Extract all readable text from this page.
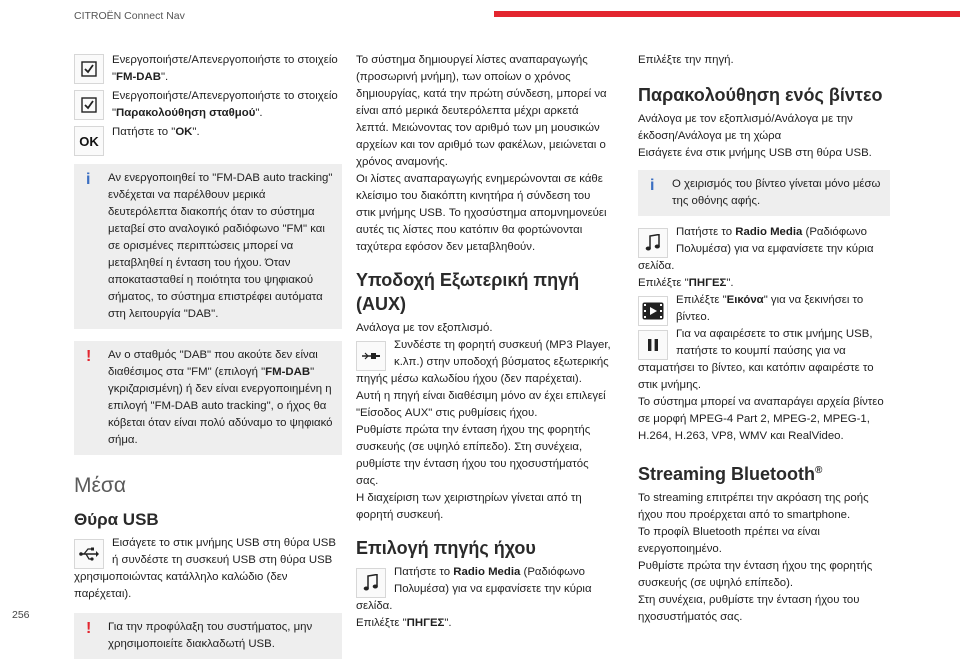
CITROËN Connect Nav
256

Ενεργοποιήστε/Απενεργοποιήστε το στοιχείο "FM-DAB".

Ενεργοποιήστε/Απενεργοποιήστε το στοιχείο "Παρακολούθηση σταθμού".

OK

Πατήστε το "OK".

i Αν ενεργοποιηθεί το "FM-DAB auto tracking" ενδέχεται να παρέλθουν μερικά δευτερόλεπτα διακοπής όταν το σύστημα μεταβεί στο αναλογικό ραδιόφωνο "FM" και σε ορισμένες περιπτώσεις μπορεί να μεταβληθεί η ένταση του ήχου. Όταν αποκατασταθεί η ποιότητα του ψηφιακού σήματος, το σύστημα επιστρέφει αυτόματα στη λειτουργία "DAB".
! Αν ο σταθμός "DAB" που ακούτε δεν είναι διαθέσιμος στα "FM" (επιλογή "FM-DAB" γκριζαρισμένη) ή δεν είναι ενεργοποιημένη η επιλογή "FM-DAB auto tracking", ο ήχος θα κόβεται όταν είναι πολύ αδύναμο το ψηφιακό σήμα.
Μέσα
Θύρα USB
Εισάγετε το στικ μνήμης USB στη θύρα USB ή συνδέστε τη συσκευή USB στη θύρα USB χρησιμοποιώντας κατάλληλο καλώδιο (δεν παρέχεται).
! Για την προφύλαξη του συστήματος, μην χρησιμοποιείτε διακλαδωτή USB.

Το σύστημα δημιουργεί λίστες αναπαραγωγής (προσωρινή μνήμη), των οποίων ο χρόνος δημιουργίας, κατά την πρώτη σύνδεση, μπορεί να είναι από μερικά δευτερόλεπτα μέχρι αρκετά λεπτά. Μειώνοντας τον αριθμό των μη μουσικών αρχείων και τον αριθμό των φακέλων, μειώνεται ο χρόνος αναμονής.

Οι λίστες αναπαραγωγής ενημερώνονται σε κάθε κλείσιμο του διακόπτη κινητήρα ή σύνδεση του στικ μνήμης USB. Το ηχοσύστημα απομνημονεύει αυτές τις λίστες που κατόπιν θα φορτώνονται ταχύτερα εφόσον δεν μεταβληθούν.

Υποδοχή Εξωτερική πηγή (AUX)

Ανάλογα με τον εξοπλισμό.

Συνδέστε τη φορητή συσκευή (MP3 Player, κ.λπ.) στην υποδοχή βύσματος εξωτερικής πηγής μέσω καλωδίου ήχου (δεν παρέχεται).

Αυτή η πηγή είναι διαθέσιμη μόνο αν έχει επιλεγεί "Είσοδος AUX" στις ρυθμίσεις ήχου.

Ρυθμίστε πρώτα την ένταση ήχου της φορητής συσκευής (σε υψηλό επίπεδο). Στη συνέχεια, ρυθμίστε την ένταση ήχου του ηχοσυστήματός σας.

Η διαχείριση των χειριστηρίων γίνεται από τη φορητή συσκευή.

Επιλογή πηγής ήχου
Πατήστε το Radio Media (Ραδιόφωνο Πολυμέσα) για να εμφανίσετε την κύρια σελίδα.

Επιλέξτε "ΠΗΓΕΣ".

Επιλέξτε την πηγή.

Παρακολούθηση ενός βίντεο

Ανάλογα με τον εξοπλισμό/Ανάλογα με την έκδοση/Ανάλογα με τη χώρα

Εισάγετε ένα στικ μνήμης USB στη θύρα USB.

i Ο χειρισμός του βίντεο γίνεται μόνο μέσω της οθόνης αφής.
Πατήστε το Radio Media (Ραδιόφωνο Πολυμέσα) για να εμφανίσετε την κύρια σελίδα.

Επιλέξτε "ΠΗΓΕΣ".

Επιλέξτε "Εικόνα" για να ξεκινήσει το βίντεο.
Για να αφαιρέσετε το στικ μνήμης USB, πατήστε το κουμπί παύσης για να σταματήσει το βίντεο, και κατόπιν αφαιρέστε το στικ μνήμης.

Το σύστημα μπορεί να αναπαράγει αρχεία βίντεο σε μορφή MPEG-4 Part 2, MPEG-2, MPEG-1, H.264, H.263, VP8, WMV και RealVideo.

Streaming Bluetooth®

Το streaming επιτρέπει την ακρόαση της ροής ήχου που προέρχεται από το smartphone.

Το προφίλ Bluetooth πρέπει να είναι ενεργοποιημένο.

Ρυθμίστε πρώτα την ένταση ήχου της φορητής συσκευής (σε υψηλό επίπεδο).

Στη συνέχεια, ρυθμίστε την ένταση ήχου του ηχοσυστήματός σας.
